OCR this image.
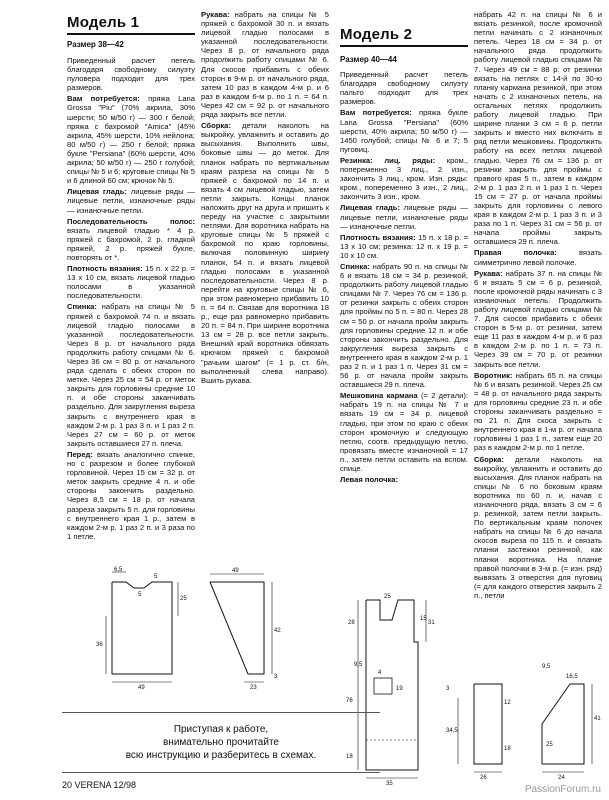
Модель 1
Размер 38—42

Приведенный расчет петель благодаря свободному силуэту пуловера подходит для трех размеров.

Вам потребуется: пряжа Lana Grossa "Piu" (70% акрила, 30% шерсти; 50 м/50 г) — 300 г белой; пряжа с бахромой "Amica" (45% акрила, 45% шерсти, 10% нейлона; 80 м/50 г) — 250 г белой; пряжа букле "Persiana" (60% шерсти, 40% акрила; 50 м/50 г) — 250 г голубой; спицы № 5 и 6; круговые спицы № 5 и 6 длиной 60 см; крючок № 5.

Лицевая гладь: лицевые ряды — лицевые петли, изнаночные ряды — изнаночные петли.

Последовательность полос: вязать лицевой гладью * 4 р. пряжей с бахромой, 2 р. гладкой пряжей, 2 р. пряжей букле, повторять от *.

Плотность вязания: 15 п. х 22 р. = 13 х 10 см, вязать лицевой гладью полосами в указанной последовательности.

Спинка: набрать на спицы № 5 пряжей с бахромой 74 п. и вязать лицевой гладью полосами в указанной последовательности. Через 8 р. от начального ряда продолжить работу спицами № 6. Через 36 см = 80 р. от начального ряда сделать с обеих сторон по метке. Через 25 см = 54 р. от меток закрыть для горловины средние 10 п. и обе стороны заканчивать раздельно. Для закругления выреза закрыть с внутреннего края в каждом 2-м р. 1 раз 3 п. и 1 раз 2 п. Через 27 см = 60 р. от меток закрыть оставшиеся 27 п. плеча.

Перед: вязать аналогично спинке, но с разрезом и более глубокой горловиной. Через 15 см = 32 р. от меток закрыть средние 4 п. и обе стороны закончить раздельно. Через 8,5 см = 18 р. от начала разреза закрыть 5 п. для горловины с внутреннего края 1 р., затем в каждом 2-м р. 1 раз 2 п. и 3 раза по 1 петле.

Рукава: набрать на спицы № 5 пряжей с бахромой 30 п. и вязать лицевой гладью полосами в указанной последовательности. Через 8 р. от начального ряда продолжить работу спицами № 6. Для скосов прибавить с обеих сторон в 9-м р. от начального ряда, затем 10 раз в каждом 4-м р. и 6 раз в каждом 6-м р. по 1 п. = 64 п. Через 42 см = 92 р. от начального ряда закрыть все петли.

Сборка: детали наколоть на выкройку, увлажнить и оставить до высыхания. Выполнить швы, боковые швы — до меток. Для планок набрать по вертикальным краям разреза на спицы № 5 пряжей с бахромой по 14 п. и вязать 4 см лицевой гладью, затем петли закрыть. Концы планок наложить друг на друга и пришить к переду на участке с закрытыми петлями. Для воротника набрать на круговые спицы № 5 пряжей с бахромой по краю горловины, включая половинную ширину планок, 54 п. и вязать лицевой гладью полосами в указанной последовательности. Через 8 р. перейти на круговые спицы № 6, при этом равномерно прибавить 10 п. = 64 п. Связав для воротника 18 р., еще раз равномерно прибавить 20 п. = 84 п. При ширине воротника 13 см = 28 р. все петли закрыть. Внешний край воротника обвязать крючком пряжей с бахромой "рачьим шагом" (= 1 р. ст. б/н, выполненный слева направо). Вшить рукава.

Модель 2

Размер 40—44

Приведенный расчет петель благодаря свободному силуэту пальто подходит для трех размеров.

Вам потребуется: пряжа букле Lana Grossa "Persiana" (60% шерсти, 40% акрила; 50 м/50 г) — 1450 голубой; спицы № 6 и 7; 5 пуговиц.

Резинка: лиц. ряды: кром., попеременно 3 лиц., 2 изн., закончить 3 лиц., кром. Изн. ряды: кром., попеременно 3 изн., 2 лиц., закончить 3 изн., кром.

Лицевая гладь: лицевые ряды — лицевые петли, изнаночные ряды — изнаночные петли.

Плотность вязания: 15 п. х 18 р. = 13 х 10 см; резинка: 12 п. х 19 р. = 10 х 10 см.

Спинка: набрать 90 п. на спицы № 6 и вязать 18 см = 34 р. резинкой, продолжить работу лицевой гладью спицами № 7. Через 76 см = 136 р. от резинки закрыть с обеих сторон для проймы по 5 п. = 80 п. Через 28 см = 50 р. от начала пройм закрыть для горловины средние 12 п. и обе стороны закончить раздельно. Для закругления выреза закрыть с внутреннего края в каждом 2-м р. 1 раз 2 п. и 1 раз 1 п. Через 31 см = 56 р. от начала пройм закрыть оставшиеся 29 п. плеча.

Мешковина кармана (= 2 детали): набрать 19 п. на спицы № 7 и вязать 19 см = 34 р. лицевой гладью, при этом по краю с обеих сторон кромочную и следующую петлю, соотв. предыдущую петлю, провязать вместе изнаночной = 17 п., затем петли оставить на вспом. спице.

Левая полочка:

набрать 42 п. на спицы № 6 и вязать резинкой, после кромочной петли начинать с 2 изнаночных петель. Через 18 см = 34 р. от начального ряда продолжить работу лицевой гладью спицами № 7. Через 49 см = 88 р. от резинки вязать на петлях с 14-й по 30-ю планку кармана резинкой, при этом начать с 2 изнаночных петель, на остальных петлях продолжить работу лицевой гладью. При ширине планки 3 см = 6 р. петли закрыть и вместо них включить в ряд петли мешковины. Продолжить работу на всех петлях лицевой гладью. Через 76 см = 136 р. от резинки закрыть для проймы с правого края 5 п., затем в каждом 2-м р. 1 раз 2 п. и 1 раз 1 п. Через 15 см = 27 р. от начала проймы закрыть для горловины с левого края в каждом 2-м р. 1 раз 3 п. и 3 раза по 1 п. Через 31 см = 56 р. от начала проймы закрыть оставшиеся 29 п. плеча.

Правая полочка: вязать симметрично левой полочке.

Рукава: набрать 37 п. на спицы № 6 и вязать 5 см = 6 р. резинкой, после кромочной ряды начинать с 3 изнаночных петель. Продолжить работу лицевой гладью спицами № 7. Для скосов прибавить с обеих сторон в 5-м р. от резинки, затем еще 11 раз в каждом 4-м р. и 6 раз в каждом 2-м р. по 1 п. = 73 п. Через 39 см = 70 р. от резинки закрыть все петли.

Воротник: набрать 65 п. на спицы № 6 и вязать резинкой. Через 25 см = 48 р. от начального ряда закрыть для горловины средние 23 п. и обе стороны заканчивать раздельно = по 21 п. Для скоса закрыть с внутреннего края в 1-м р. от начала горловины 1 раз 1 п., затем еще 20 раз в каждом 2-м р. по 1 петле.

Сборка: детали наколоть на выкройку, увлажнить и оставить до высыхания. Для планок набрать на спицы № 6 по боковым краям воротника по 60 п. и, начав с изнаночного ряда, вязать 3 см = 6 р. резинкой, затем петли закрыть. По вертикальным краям полочек набрать на спицы № 6 до начала скосов выреза по 115 п. и связать планки застежки резинкой, как планки воротника. На планке правой полочки в 3-м р. (= изн. ряд) вывязать 3 отверстия для пуговиц (= для каждого отверстия закрыть 2 п., петли

6,5
25
36
5
5
49
49
42
23
3
25
28
9,5
15
19
31
4
76
18
35
9,5
16,5
12
34,5
18
26
41
25
24
3
Приступая к работе,
внимательно прочитайте
всю инструкцию и разберитесь в схемах.
20 VERENA 12/98	PassionForum.ru
